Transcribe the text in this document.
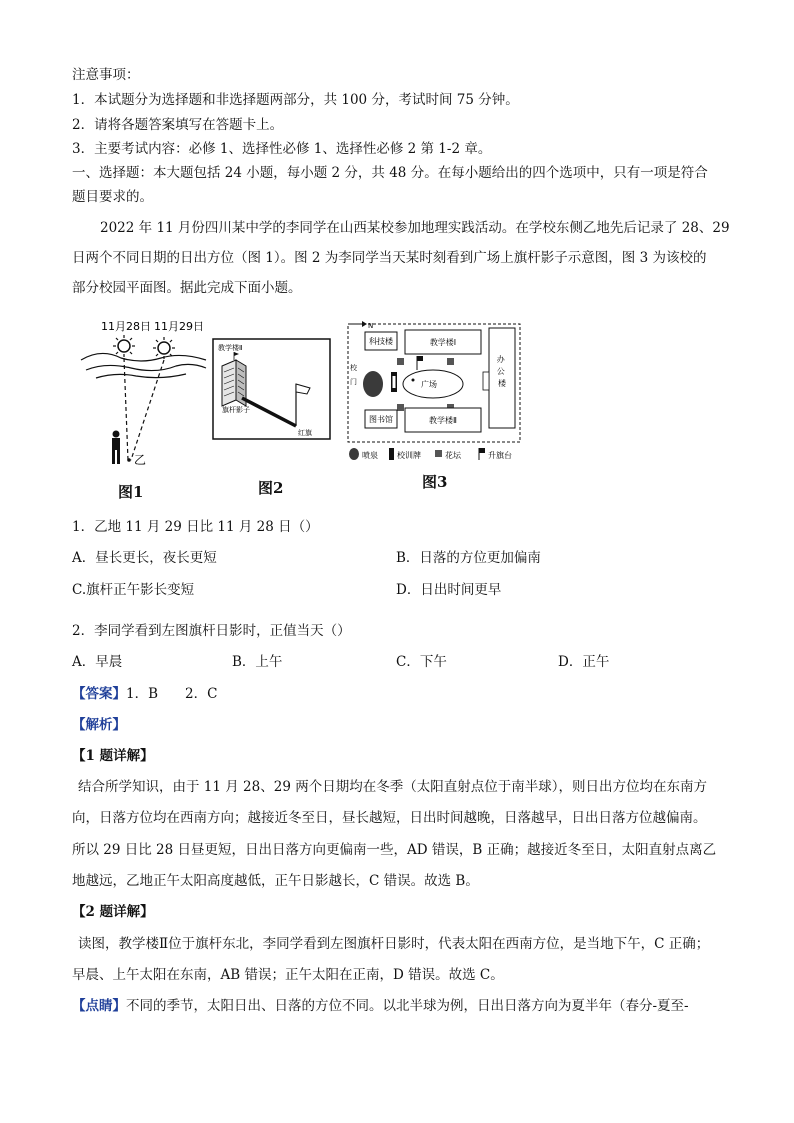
注意事项：
1．本试题分为选择题和非选择题两部分，共 100 分，考试时间 75 分钟。
2．请将各题答案填写在答题卡上。
3．主要考试内容：必修 1、选择性必修 1、选择性必修 2 第 1-2 章。
一、选择题：本大题包括 24 小题，每小题 2 分，共 48 分。在每小题给出的四个选项中，只有一项是符合
题目要求的。
2022 年 11 月份四川某中学的李同学在山西某校参加地理实践活动。在学校东侧乙地先后记录了 28、29
日两个不同日期的日出方位（图 1）。图 2 为李同学当天某时刻看到广场上旗杆影子示意图，图 3 为该校的
部分校园平面图。据此完成下面小题。
11月28日 11月29日
乙
图1
教学楼Ⅱ
旗杆影子
红旗
图2
N
科技楼	教学楼Ⅰ
办 公 楼
校 门	广场
图书馆	教学楼Ⅱ
喷泉 校训牌	花坛	升旗台
图3
1．乙地 11 月 29 日比 11 月 28 日（）
A．昼长更长，夜长更短	B．日落的方位更加偏南
C.旗杆正午影长变短	D．日出时间更早
2．李同学看到左图旗杆日影时，正值当天（）
A．早晨	B．上午	C．下午	D．正午
【答案】1．B　　2．C
【解析】
【1 题详解】
结合所学知识，由于 11 月 28、29 两个日期均在冬季（太阳直射点位于南半球），则日出方位均在东南方
向，日落方位均在西南方向；越接近冬至日，昼长越短，日出时间越晚，日落越早，日出日落方位越偏南。
所以 29 日比 28 日昼更短，日出日落方向更偏南一些，AD 错误，B 正确；越接近冬至日，太阳直射点离乙
地越远，乙地正午太阳高度越低，正午日影越长，C 错误。故选 B。
【2 题详解】
读图，教学楼Ⅱ位于旗杆东北，李同学看到左图旗杆日影时，代表太阳在西南方位，是当地下午，C 正确；
早晨、上午太阳在东南，AB 错误；正午太阳在正南，D 错误。故选 C。
【点睛】不同的季节，太阳日出、日落的方位不同。以北半球为例，日出日落方向为夏半年（春分-夏至-
